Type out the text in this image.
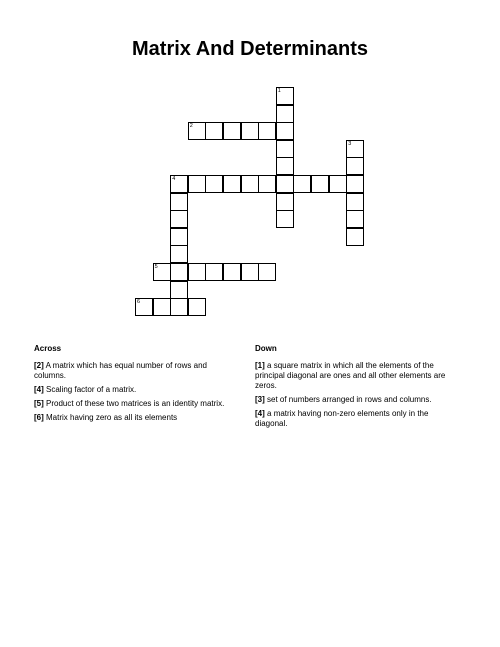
Matrix And Determinants
1
2
3
4
5
6
Across
[2] A matrix which has equal number of rows and columns.
[4] Scaling factor of a matrix.
[5] Product of these two matrices is an identity matrix.
[6] Matrix having zero as all its elements
Down
[1] a square matrix in which all the elements of the principal diagonal are ones and all other elements are zeros.
[3] set of numbers arranged in rows and columns.
[4] a matrix having non-zero elements only in the diagonal.
